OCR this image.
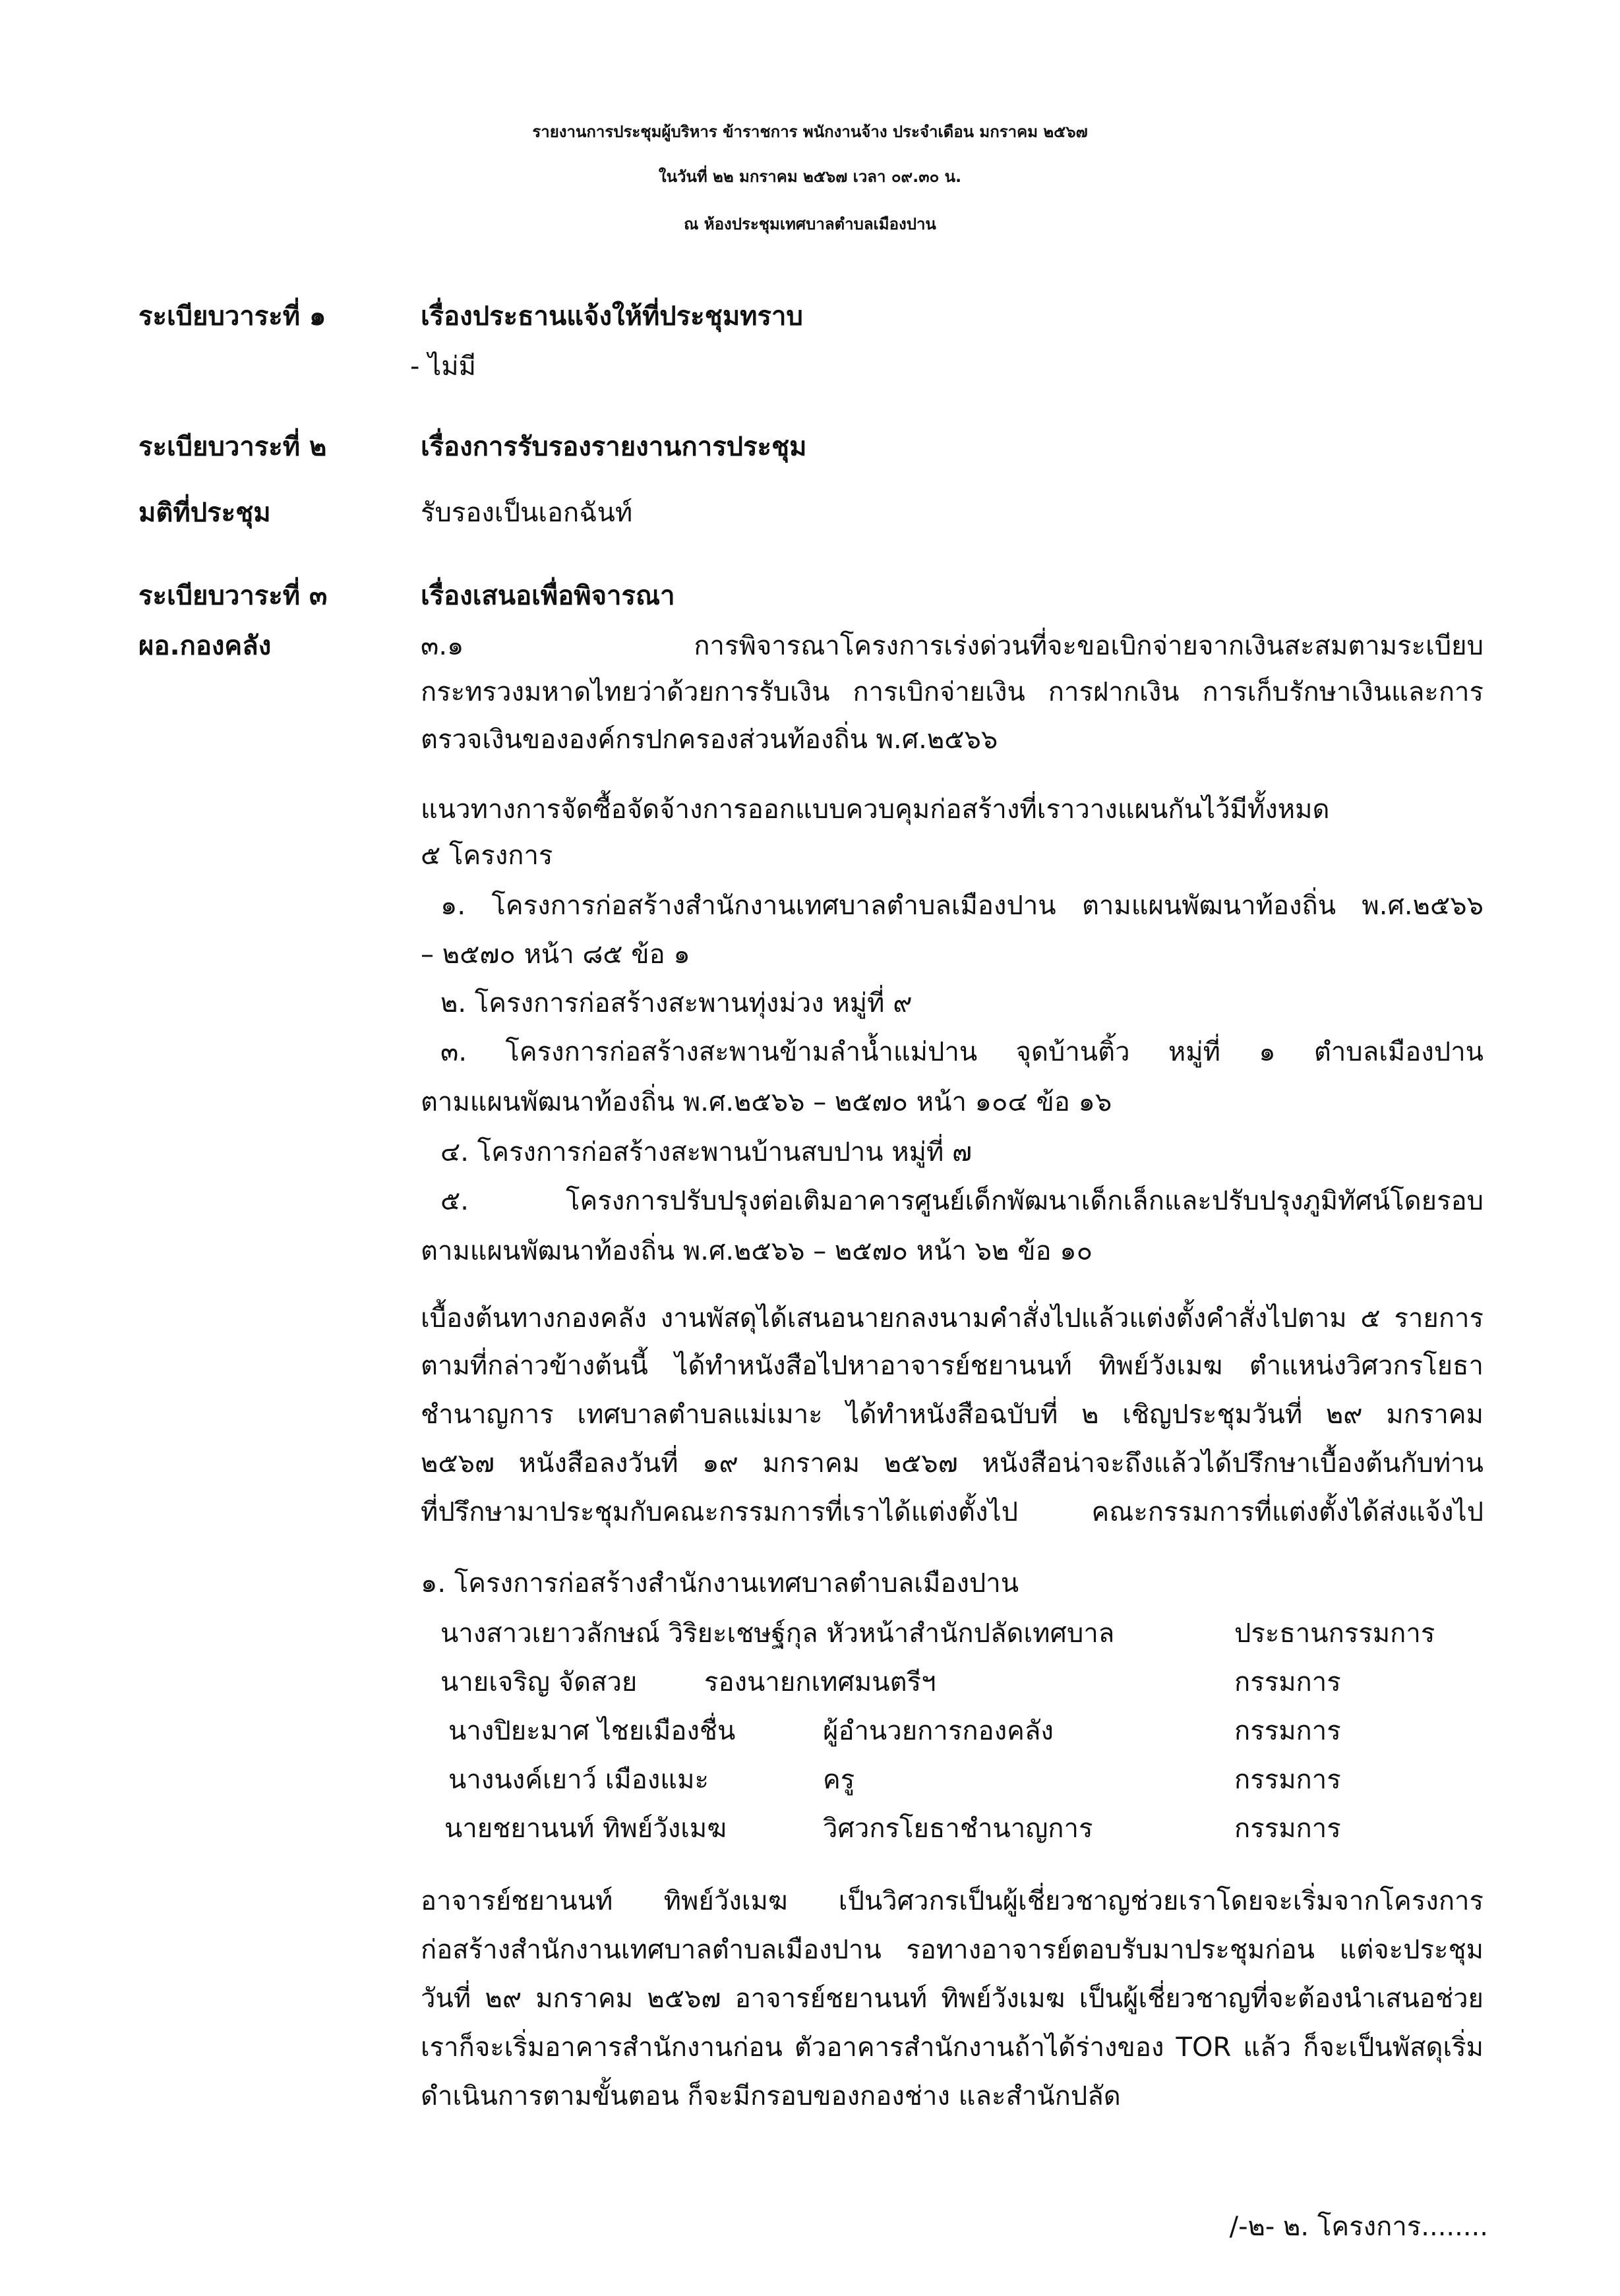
รายงานการประชุมผู้บริหาร ข้าราชการ พนักงานจ้าง ประจำเดือน มกราคม ๒๕๖๗
ในวันที่ ๒๒ มกราคม ๒๕๖๗ เวลา ๐๙.๓๐ น.
ณ ห้องประชุมเทศบาลตำบลเมืองปาน
ระเบียบวาระที่ ๑	เรื่องประธานแจ้งให้ที่ประชุมทราบ
- ไม่มี
ระเบียบวาระที่ ๒	เรื่องการรับรองรายงานการประชุม
มติที่ประชุม	รับรองเป็นเอกฉันท์
ระเบียบวาระที่ ๓	เรื่องเสนอเพื่อพิจารณา
ผอ.กองคลัง	๓.๑ การพิจารณาโครงการเร่งด่วนที่จะขอเบิกจ่ายจากเงินสะสมตามระเบียบ
กระทรวงมหาดไทยว่าด้วยการรับเงิน การเบิกจ่ายเงิน การฝากเงิน การเก็บรักษาเงินและการ
ตรวจเงินขององค์กรปกครองส่วนท้องถิ่น พ.ศ.๒๕๖๖
แนวทางการจัดซื้อจัดจ้างการออกแบบควบคุมก่อสร้างที่เราวางแผนกันไว้มีทั้งหมด
๕ โครงการ
๑. โครงการก่อสร้างสำนักงานเทศบาลตำบลเมืองปาน ตามแผนพัฒนาท้องถิ่น พ.ศ.๒๕๖๖
– ๒๕๗๐ หน้า ๘๕ ข้อ ๑
๒. โครงการก่อสร้างสะพานทุ่งม่วง หมู่ที่ ๙
๓. โครงการก่อสร้างสะพานข้ามลำน้ำแม่ปาน จุดบ้านติ้ว หมู่ที่ ๑ ตำบลเมืองปาน
ตามแผนพัฒนาท้องถิ่น พ.ศ.๒๕๖๖ – ๒๕๗๐ หน้า ๑๐๔ ข้อ ๑๖
๔. โครงการก่อสร้างสะพานบ้านสบปาน หมู่ที่ ๗
๕. โครงการปรับปรุงต่อเติมอาคารศูนย์เด็กพัฒนาเด็กเล็กและปรับปรุงภูมิทัศน์โดยรอบ
ตามแผนพัฒนาท้องถิ่น พ.ศ.๒๕๖๖ – ๒๕๗๐ หน้า ๖๒ ข้อ ๑๐
เบื้องต้นทางกองคลัง งานพัสดุได้เสนอนายกลงนามคำสั่งไปแล้วแต่งตั้งคำสั่งไปตาม ๕ รายการ
ตามที่กล่าวข้างต้นนี้ ได้ทำหนังสือไปหาอาจารย์ชยานนท์ ทิพย์วังเมฆ ตำแหน่งวิศวกรโยธา
ชำนาญการ เทศบาลตำบลแม่เมาะ ได้ทำหนังสือฉบับที่ ๒ เชิญประชุมวันที่ ๒๙ มกราคม
๒๕๖๗ หนังสือลงวันที่ ๑๙ มกราคม ๒๕๖๗ หนังสือน่าจะถึงแล้วได้ปรึกษาเบื้องต้นกับท่าน
ที่ปรึกษามาประชุมกับคณะกรรมการที่เราได้แต่งตั้งไป คณะกรรมการที่แต่งตั้งได้ส่งแจ้งไป
๑. โครงการก่อสร้างสำนักงานเทศบาลตำบลเมืองปาน
นางสาวเยาวลักษณ์ วิริยะเชษฐ์กุล หัวหน้าสำนักปลัดเทศบาล	ประธานกรรมการ
นายเจริญ จัดสวย	รองนายกเทศมนตรีฯ	กรรมการ
นางปิยะมาศ ไชยเมืองชื่น	ผู้อำนวยการกองคลัง	กรรมการ
นางนงค์เยาว์ เมืองแมะ	ครู	กรรมการ
นายชยานนท์ ทิพย์วังเมฆ	วิศวกรโยธาชำนาญการ	กรรมการ
อาจารย์ชยานนท์ ทิพย์วังเมฆ เป็นวิศวกรเป็นผู้เชี่ยวชาญช่วยเราโดยจะเริ่มจากโครงการ
ก่อสร้างสำนักงานเทศบาลตำบลเมืองปาน รอทางอาจารย์ตอบรับมาประชุมก่อน แต่จะประชุม
วันที่ ๒๙ มกราคม ๒๕๖๗ อาจารย์ชยานนท์ ทิพย์วังเมฆ เป็นผู้เชี่ยวชาญที่จะต้องนำเสนอช่วย
เราก็จะเริ่มอาคารสำนักงานก่อน ตัวอาคารสำนักงานถ้าได้ร่างของ TOR แล้ว ก็จะเป็นพัสดุเริ่ม
ดำเนินการตามขั้นตอน ก็จะมีกรอบของกองช่าง และสำนักปลัด
/-๒- ๒. โครงการ........
